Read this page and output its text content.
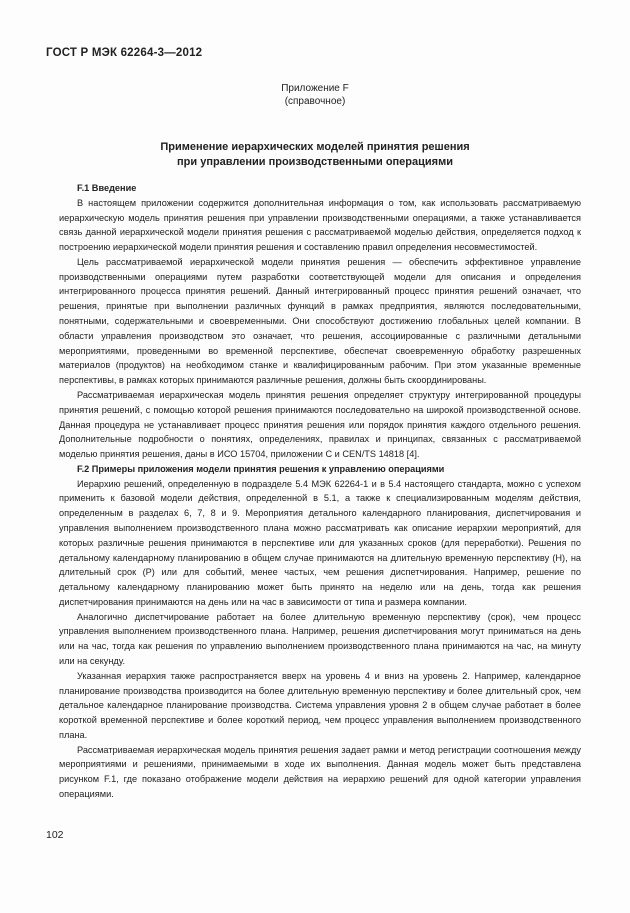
ГОСТ Р МЭК 62264-3—2012
Приложение F
(справочное)
Применение иерархических моделей принятия решения
при управлении производственными операциями

F.1 Введение

В настоящем приложении содержится дополнительная информация о том, как использовать рассматриваемую иерархическую модель принятия решения при управлении производственными операциями, а также устанавливается связь данной иерархической модели принятия решения с рассматриваемой моделью действия, определяется подход к построению иерархической модели принятия решения и составлению правил определения несовместимостей.

Цель рассматриваемой иерархической модели принятия решения — обеспечить эффективное управление производственными операциями путем разработки соответствующей модели для описания и определения интегрированного процесса принятия решений. Данный интегрированный процесс принятия решений означает, что решения, принятые при выполнении различных функций в рамках предприятия, являются последовательными, понятными, содержательными и своевременными. Они способствуют достижению глобальных целей компании. В области управления производством это означает, что решения, ассоциированные с различными детальными мероприятиями, проведенными во временной перспективе, обеспечат своевременную обработку разрешенных материалов (продуктов) на необходимом станке и квалифицированным рабочим. При этом указанные временные перспективы, в рамках которых принимаются различные решения, должны быть скоординированы.

Рассматриваемая иерархическая модель принятия решения определяет структуру интегрированной процедуры принятия решений, с помощью которой решения принимаются последовательно на широкой производственной основе. Данная процедура не устанавливает процесс принятия решения или порядок принятия каждого отдельного решения. Дополнительные подробности о понятиях, определениях, правилах и принципах, связанных с рассматриваемой моделью принятия решения, даны в ИСО 15704, приложении С и CEN/TS 14818 [4].

F.2 Примеры приложения модели принятия решения к управлению операциями

Иерархию решений, определенную в подразделе 5.4 МЭК 62264-1 и в 5.4 настоящего стандарта, можно с успехом применить к базовой модели действия, определенной в 5.1, а также к специализированным моделям действия, определенным в разделах 6, 7, 8 и 9. Мероприятия детального календарного планирования, диспетчирования и управления выполнением производственного плана можно рассматривать как описание иерархии мероприятий, для которых различные решения принимаются в перспективе или для указанных сроков (для переработки). Решения по детальному календарному планированию в общем случае принимаются на длительную временную перспективу (H), на длительный срок (Р) или для событий, менее частых, чем решения диспетчирования. Например, решение по детальному календарному планированию может быть принято на неделю или на день, тогда как решения диспетчирования принимаются на день или на час в зависимости от типа и размера компании.

Аналогично диспетчирование работает на более длительную временную перспективу (срок), чем процесс управления выполнением производственного плана. Например, решения диспетчирования могут приниматься на день или на час, тогда как решения по управлению выполнением производственного плана принимаются на час, на минуту или на секунду.

Указанная иерархия также распространяется вверх на уровень 4 и вниз на уровень 2. Например, календарное планирование производства производится на более длительную временную перспективу и более длительный срок, чем детальное календарное планирование производства. Система управления уровня 2 в общем случае работает в более короткой временной перспективе и более короткий период, чем процесс управления выполнением производственного плана.

Рассматриваемая иерархическая модель принятия решения задает рамки и метод регистрации соотношения между мероприятиями и решениями, принимаемыми в ходе их выполнения. Данная модель может быть представлена рисунком F.1, где показано отображение модели действия на иерархию решений для одной категории управления операциями.

102
